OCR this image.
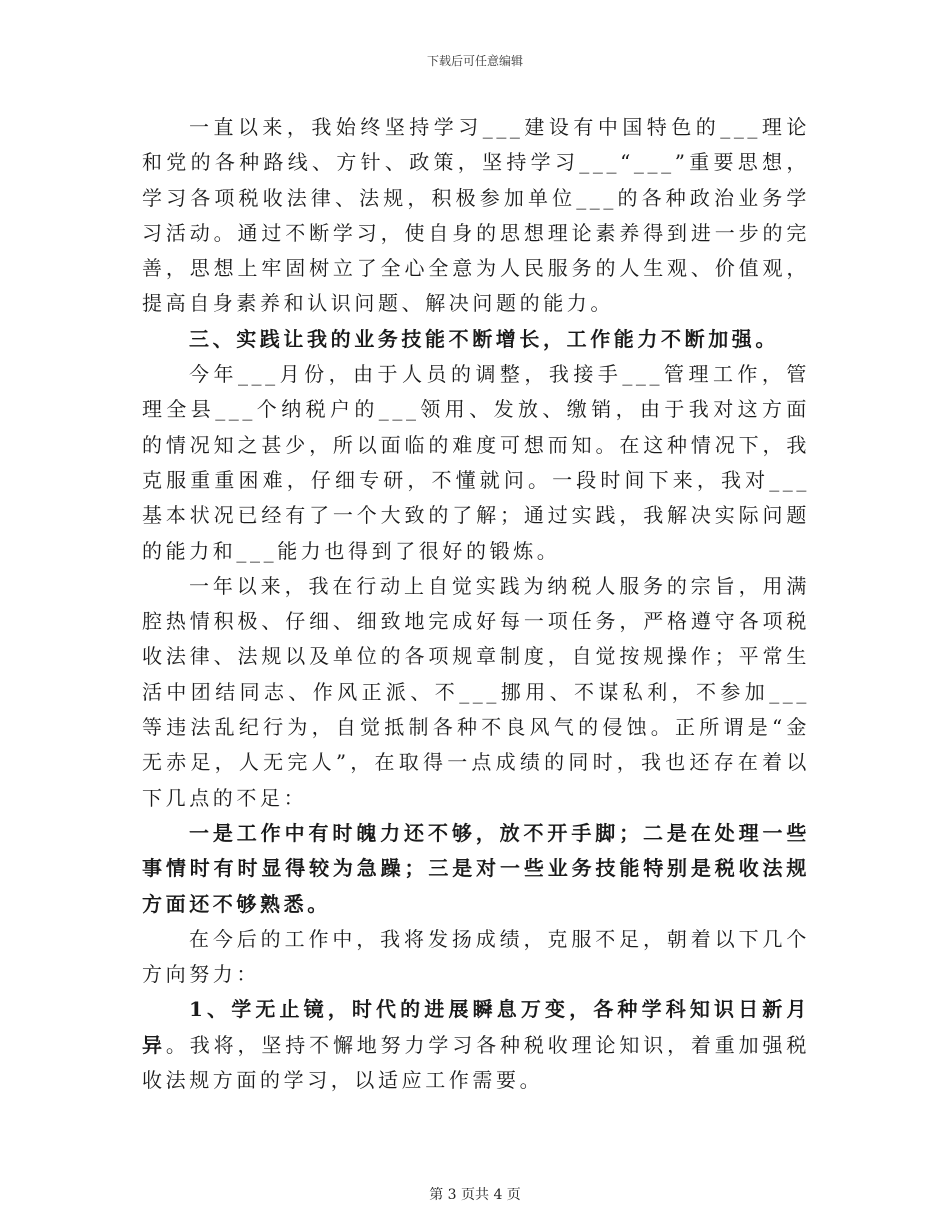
下载后可任意编辑

一直以来，我始终坚持学习___建设有中国特色的___理论和党的各种路线、方针、政策，坚持学习___“___”重要思想，学习各项税收法律、法规，积极参加单位___的各种政治业务学习活动。通过不断学习，使自身的思想理论素养得到进一步的完善，思想上牢固树立了全心全意为人民服务的人生观、价值观，提高自身素养和认识问题、解决问题的能力。

三、实践让我的业务技能不断增长，工作能力不断加强。

今年___月份，由于人员的调整，我接手___管理工作，管理全县___个纳税户的___领用、发放、缴销，由于我对这方面的情况知之甚少，所以面临的难度可想而知。在这种情况下，我克服重重困难，仔细专研，不懂就问。一段时间下来，我对___基本状况已经有了一个大致的了解；通过实践，我解决实际问题的能力和___能力也得到了很好的锻炼。

一年以来，我在行动上自觉实践为纳税人服务的宗旨，用满腔热情积极、仔细、细致地完成好每一项任务，严格遵守各项税收法律、法规以及单位的各项规章制度，自觉按规操作；平常生活中团结同志、作风正派、不___挪用、不谋私利，不参加___等违法乱纪行为，自觉抵制各种不良风气的侵蚀。正所谓是“金无赤足，人无完人”，在取得一点成绩的同时，我也还存在着以下几点的不足：

一是工作中有时魄力还不够，放不开手脚；二是在处理一些事情时有时显得较为急躁；三是对一些业务技能特别是税收法规方面还不够熟悉。

在今后的工作中，我将发扬成绩，克服不足，朝着以下几个方向努力：

1、学无止镜，时代的进展瞬息万变，各种学科知识日新月异。我将，坚持不懈地努力学习各种税收理论知识，着重加强税收法规方面的学习，以适应工作需要。

第 3 页共 4 页
